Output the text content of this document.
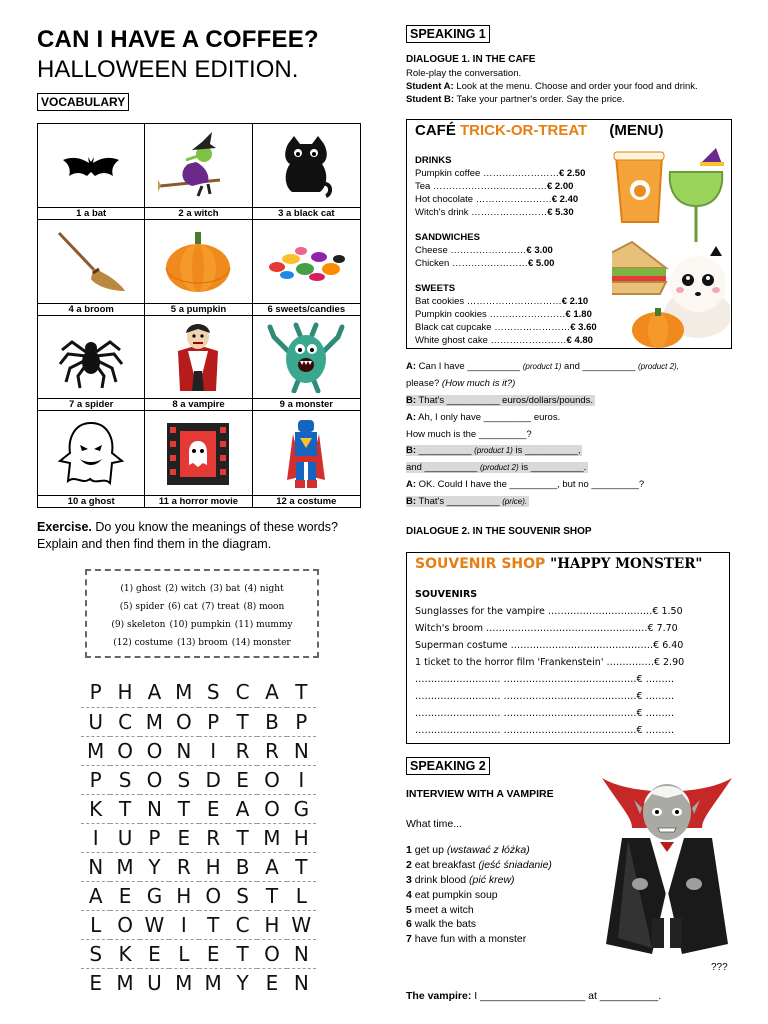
CAN I HAVE A COFFEE?
HALLOWEEN EDITION.
VOCABULARY
1 a bat	2 a witch	3 a black cat
4 a broom	5 a pumpkin	6 sweets/candies
7 a spider	8 a vampire	9 a monster
10 a ghost	11 a horror movie	12 a costume
Exercise. Do you know the meanings of these words? Explain and then find them in the diagram.
(1) ghost (2) witch (3) bat (4) night
(5) spider (6) cat (7) treat (8) moon
(9) skeleton (10) pumpkin (11) mummy
(12) costume (13) broom (14) monster
P	H	A	M	S	C	A	T
U	C	M	O	P	T	B	P
M	O	O	N	I	R	R	N
P	S	O	S	D	E	O	I
K	T	N	T	E	A	O	G
I	U	P	E	R	T	M	H
N	M	Y	R	H	B	A	T
A	E	G	H	O	S	T	L
L	O	W	I	T	C	H	W
S	K	E	L	E	T	O	N
E	M	U	M	M	Y	E	N
SPEAKING 1
DIALOGUE 1. IN THE CAFE
Role-play the conversation.
Student A: Look at the menu. Choose and order your food and drink.
Student B: Take your partner's order. Say the price.
CAFÉ TRICK-OR-TREAT (MENU)
DRINKS
Pumpkin coffee ……………………€ 2.50
Tea ………………………………€ 2.00
Hot chocolate ……………………€ 2.40
Witch's drink ……………………€ 5.30
SANDWICHES
Cheese ……………………€ 3.00
Chicken ……………………€ 5.00
SWEETS
Bat cookies …………………………€ 2.10
Pumpkin cookies ……………………€ 1.80
Black cat cupcake ……………………€ 3.60
White ghost cake ……………………€ 4.80
A: Can I have __________ (product 1) and __________ (product 2),
please? (How much is it?)
B: That's __________ euros/dollars/pounds.
A: Ah, I only have _________ euros.
How much is the _________?
B: __________ (product 1) is __________,
and __________ (product 2) is __________.
A: OK. Could I have the _________, but no _________?
B: That's __________ (price).
DIALOGUE 2. IN THE SOUVENIR SHOP
SOUVENIR SHOP "HAPPY MONSTER"
SOUVENIRS
Sunglasses for the vampire ……………………………€ 1.50
Witch's broom ……………………………………………€ 7.70
Superman costume ………………………………………€ 6.40
1 ticket to the horror film 'Frankenstein' ……………€ 2.90
……………………… ……………………………………€ ………
……………………… ……………………………………€ ………
……………………… ……………………………………€ ………
……………………… ……………………………………€ ………
SPEAKING 2
INTERVIEW WITH A VAMPIRE
What time...
1 get up (wstawać z łóżka)
2 eat breakfast (jeść śniadanie)
3 drink blood (pić krew)
4 eat pumpkin soup
5 meet a witch
6 walk the bats
7 have fun with a monster
???
The vampire: I __________________ at __________.
